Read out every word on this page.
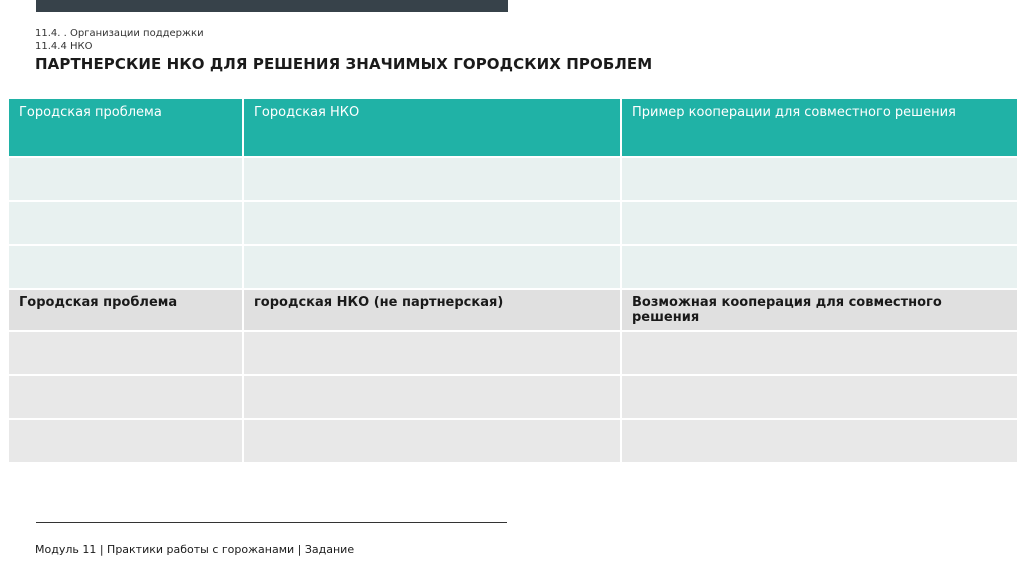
11.4. . Организации поддержки
11.4.4 НКО
ПАРТНЕРСКИЕ НКО ДЛЯ РЕШЕНИЯ ЗНАЧИМЫХ ГОРОДСКИХ ПРОБЛЕМ
Городская проблема	Городская НКО	Пример кооперации для совместного решения

Городская проблема	городская НКО (не партнерская)	Возможная кооперация для совместного решения

Модуль 11 | Практики работы с горожанами | Задание
